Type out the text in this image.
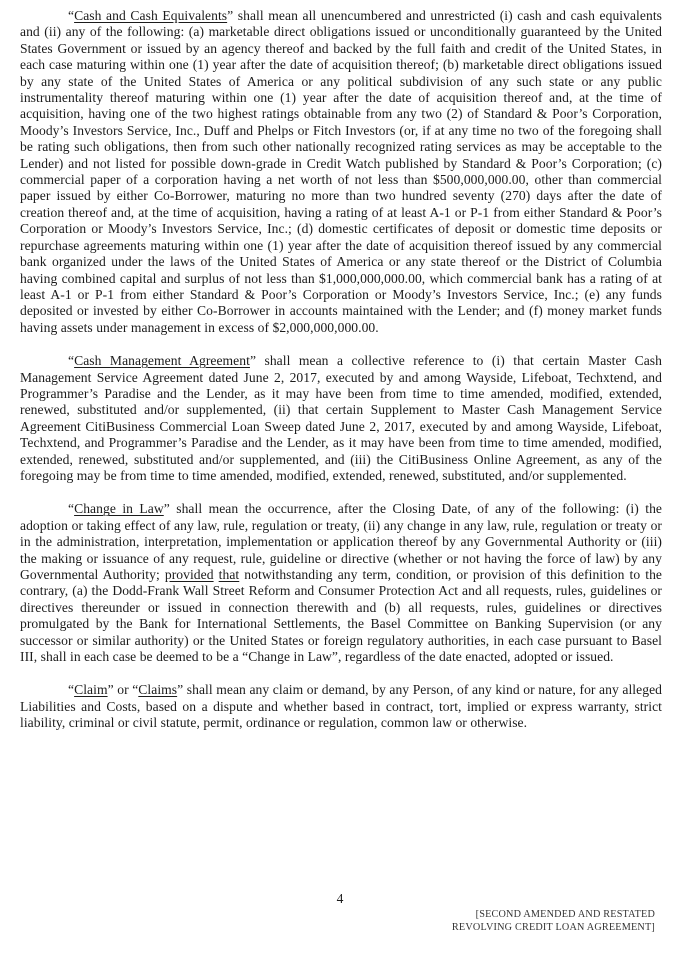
“Cash and Cash Equivalents” shall mean all unencumbered and unrestricted (i) cash and cash equivalents and (ii) any of the following: (a) marketable direct obligations issued or unconditionally guaranteed by the United States Government or issued by an agency thereof and backed by the full faith and credit of the United States, in each case maturing within one (1) year after the date of acquisition thereof; (b) marketable direct obligations issued by any state of the United States of America or any political subdivision of any such state or any public instrumentality thereof maturing within one (1) year after the date of acquisition thereof and, at the time of acquisition, having one of the two highest ratings obtainable from any two (2) of Standard & Poor’s Corporation, Moody’s Investors Service, Inc., Duff and Phelps or Fitch Investors (or, if at any time no two of the foregoing shall be rating such obligations, then from such other nationally recognized rating services as may be acceptable to the Lender) and not listed for possible down-grade in Credit Watch published by Standard & Poor’s Corporation; (c) commercial paper of a corporation having a net worth of not less than $500,000,000.00, other than commercial paper issued by either Co-Borrower, maturing no more than two hundred seventy (270) days after the date of creation thereof and, at the time of acquisition, having a rating of at least A-1 or P-1 from either Standard & Poor’s Corporation or Moody’s Investors Service, Inc.; (d) domestic certificates of deposit or domestic time deposits or repurchase agreements maturing within one (1) year after the date of acquisition thereof issued by any commercial bank organized under the laws of the United States of America or any state thereof or the District of Columbia having combined capital and surplus of not less than $1,000,000,000.00, which commercial bank has a rating of at least A-1 or P-1 from either Standard & Poor’s Corporation or Moody’s Investors Service, Inc.; (e) any funds deposited or invested by either Co-Borrower in accounts maintained with the Lender; and (f) money market funds having assets under management in excess of $2,000,000,000.00.

“Cash Management Agreement” shall mean a collective reference to (i) that certain Master Cash Management Service Agreement dated June 2, 2017, executed by and among Wayside, Lifeboat, Techxtend, and Programmer’s Paradise and the Lender, as it may have been from time to time amended, modified, extended, renewed, substituted and/or supplemented, (ii) that certain Supplement to Master Cash Management Service Agreement CitiBusiness Commercial Loan Sweep dated June 2, 2017, executed by and among Wayside, Lifeboat, Techxtend, and Programmer’s Paradise and the Lender, as it may have been from time to time amended, modified, extended, renewed, substituted and/or supplemented, and (iii) the CitiBusiness Online Agreement, as any of the foregoing may be from time to time amended, modified, extended, renewed, substituted, and/or supplemented.

“Change in Law” shall mean the occurrence, after the Closing Date, of any of the following: (i) the adoption or taking effect of any law, rule, regulation or treaty, (ii) any change in any law, rule, regulation or treaty or in the administration, interpretation, implementation or application thereof by any Governmental Authority or (iii) the making or issuance of any request, rule, guideline or directive (whether or not having the force of law) by any Governmental Authority; provided that notwithstanding any term, condition, or provision of this definition to the contrary, (a) the Dodd-Frank Wall Street Reform and Consumer Protection Act and all requests, rules, guidelines or directives thereunder or issued in connection therewith and (b) all requests, rules, guidelines or directives promulgated by the Bank for International Settlements, the Basel Committee on Banking Supervision (or any successor or similar authority) or the United States or foreign regulatory authorities, in each case pursuant to Basel III, shall in each case be deemed to be a “Change in Law”, regardless of the date enacted, adopted or issued.

“Claim” or “Claims” shall mean any claim or demand, by any Person, of any kind or nature, for any alleged Liabilities and Costs, based on a dispute and whether based in contract, tort, implied or express warranty, strict liability, criminal or civil statute, permit, ordinance or regulation, common law or otherwise.

4
[SECOND AMENDED AND RESTATED
REVOLVING CREDIT LOAN AGREEMENT]
